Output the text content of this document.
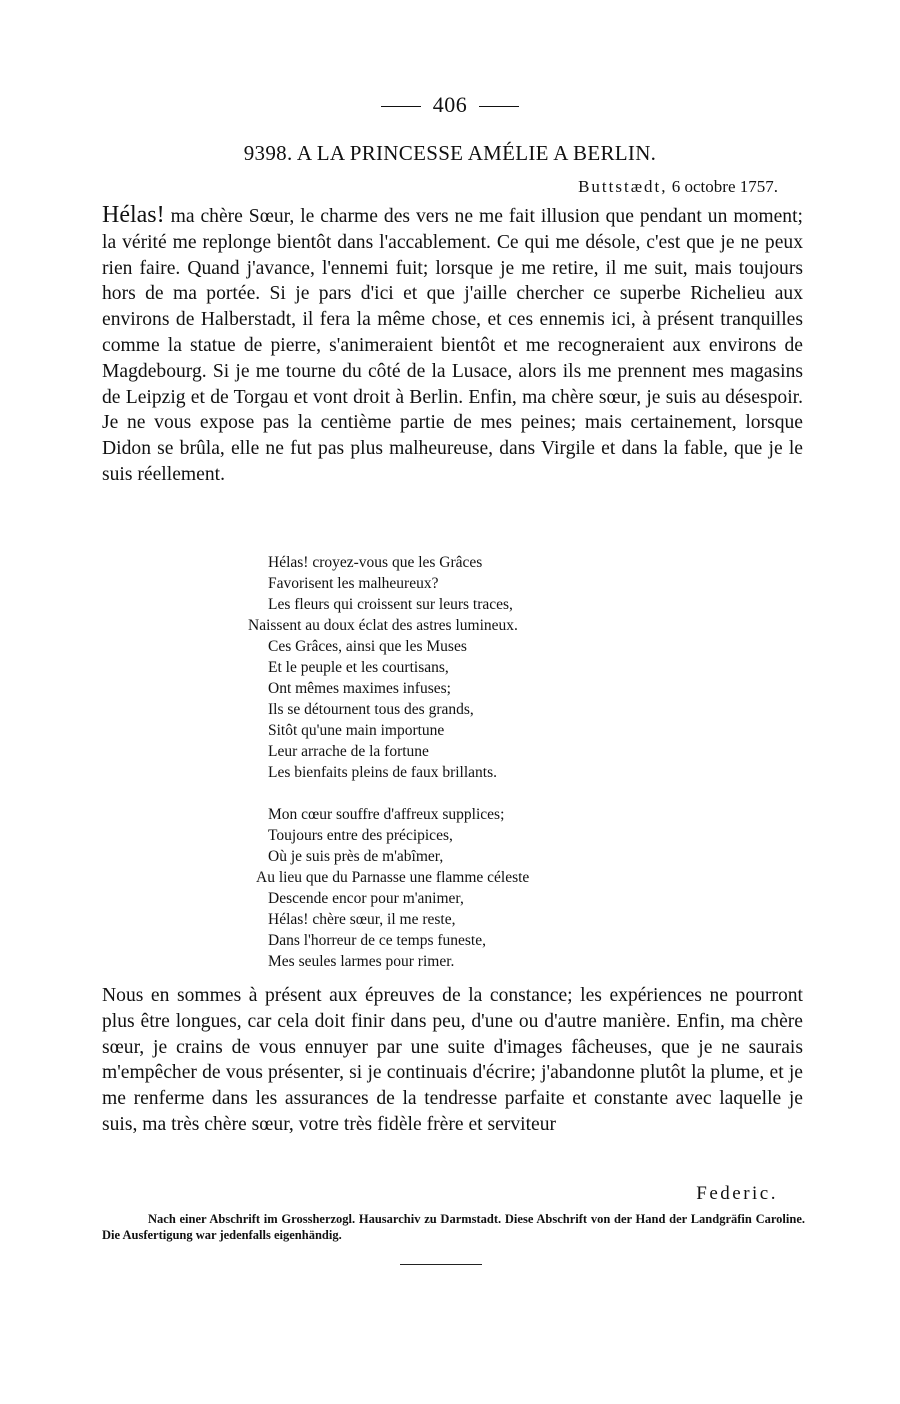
406
9398. A LA PRINCESSE AMÉLIE A BERLIN.
Buttstædt, 6 octobre 1757.

Hélas! ma chère Sœur, le charme des vers ne me fait illusion que pendant un moment; la vérité me replonge bientôt dans l'accablement. Ce qui me désole, c'est que je ne peux rien faire. Quand j'avance, l'ennemi fuit; lorsque je me retire, il me suit, mais toujours hors de ma portée. Si je pars d'ici et que j'aille chercher ce superbe Richelieu aux environs de Halberstadt, il fera la même chose, et ces ennemis ici, à présent tranquilles comme la statue de pierre, s'animeraient bientôt et me recogneraient aux environs de Magdebourg. Si je me tourne du côté de la Lusace, alors ils me prennent mes magasins de Leipzig et de Torgau et vont droit à Berlin. Enfin, ma chère sœur, je suis au désespoir. Je ne vous expose pas la centième partie de mes peines; mais certainement, lorsque Didon se brûla, elle ne fut pas plus malheureuse, dans Virgile et dans la fable, que je le suis réellement.

Hélas! croyez-vous que les Grâces
Favorisent les malheureux?
Les fleurs qui croissent sur leurs traces,
Naissent au doux éclat des astres lumineux.
Ces Grâces, ainsi que les Muses
Et le peuple et les courtisans,
Ont mêmes maximes infuses;
Ils se détournent tous des grands,
Sitôt qu'une main importune
Leur arrache de la fortune
Les bienfaits pleins de faux brillants.
Mon cœur souffre d'affreux supplices;
Toujours entre des précipices,
Où je suis près de m'abîmer,
Au lieu que du Parnasse une flamme céleste
Descende encor pour m'animer,
Hélas! chère sœur, il me reste,
Dans l'horreur de ce temps funeste,
Mes seules larmes pour rimer.

Nous en sommes à présent aux épreuves de la constance; les expériences ne pourront plus être longues, car cela doit finir dans peu, d'une ou d'autre manière. Enfin, ma chère sœur, je crains de vous ennuyer par une suite d'images fâcheuses, que je ne saurais m'empêcher de vous présenter, si je continuais d'écrire; j'abandonne plutôt la plume, et je me renferme dans les assurances de la tendresse parfaite et constante avec laquelle je suis, ma très chère sœur, votre très fidèle frère et serviteur

Federic.
Nach einer Abschrift im Grossherzogl. Hausarchiv zu Darmstadt. Diese Abschrift von der Hand der Landgräfin Caroline. Die Ausfertigung war jedenfalls eigenhändig.
